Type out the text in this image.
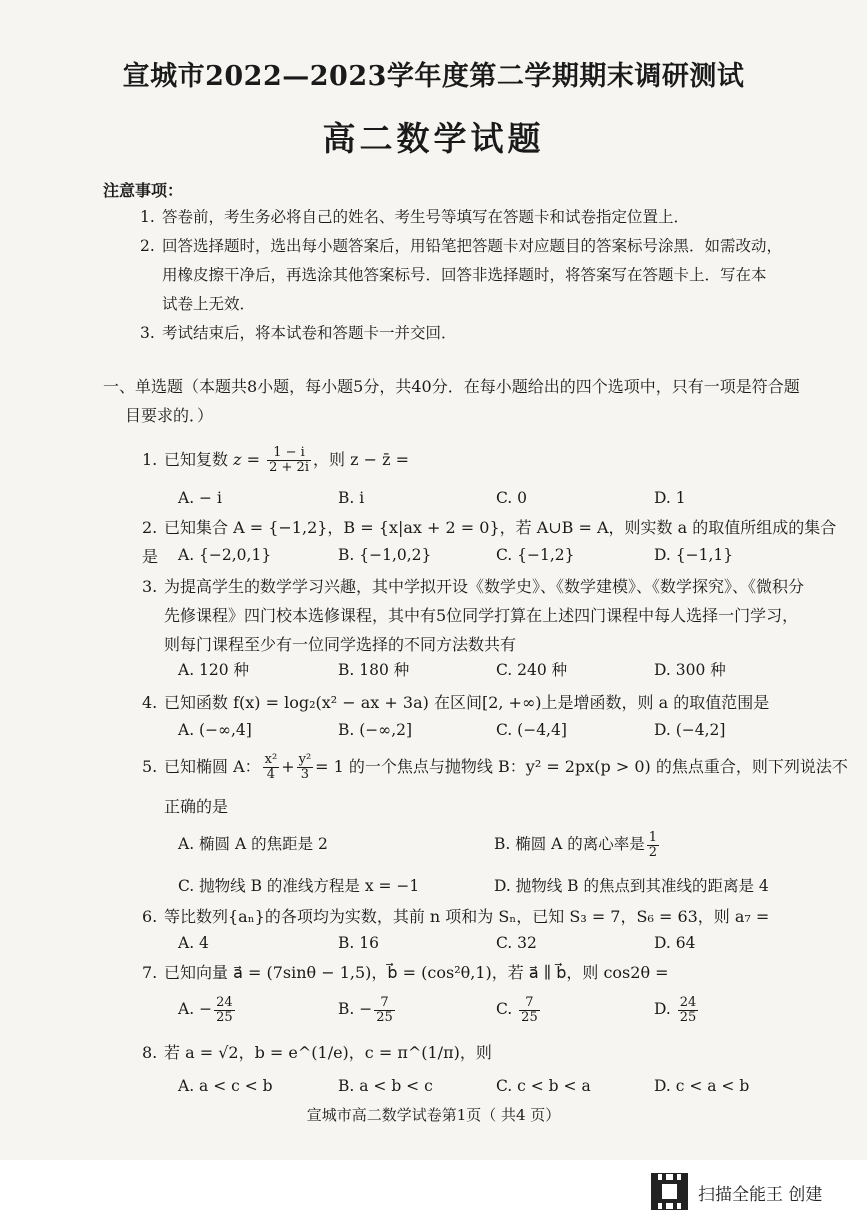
宣城市2022—2023学年度第二学期期末调研测试
高二数学试题
注意事项：
1. 答卷前，考生务必将自己的姓名、考生号等填写在答题卡和试卷指定位置上．
2. 回答选择题时，选出每小题答案后，用铅笔把答题卡对应题目的答案标号涂黑．如需改动，
用橡皮擦干净后，再选涂其他答案标号．回答非选择题时，将答案写在答题卡上．写在本
试卷上无效．
3. 考试结束后，将本试卷和答题卡一并交回．
一、单选题（本题共8小题，每小题5分，共40分．在每小题给出的四个选项中，只有一项是符合题
目要求的．）
1. 已知复数 $z = \frac{1 - i}{2 + 2i}$ ，则 z − z̄ =
A. − i	B. i	C. 0	D. 1
2. 已知集合 A = {−1,2}，B = {x|ax + 2 = 0}，若 A∪B = A，则实数 a 的取值所组成的集合是	A. {−2,0,1}	B. {−1,0,2}	C. {−1,2}	D. {−1,1}
3. 为提高学生的数学学习兴趣，其中学拟开设《数学史》、《数学建模》、《数学探究》、《微积分
先修课程》四门校本选修课程，其中有5位同学打算在上述四门课程中每人选择一门学习，
则每门课程至少有一位同学选择的不同方法数共有
A. 120 种	B. 180 种	C. 240 种	D. 300 种
4. 已知函数 f(x) = log₂(x² − ax + 3a) 在区间[2, +∞)上是增函数，则 a 的取值范围是
A. (−∞,4]	B. (−∞,2]	C. (−4,4]	D. (−4,2]
5. 已知椭圆 A： $\frac{\text{x²}}{4} + \frac{\text{y²}}{3} = 1$ 的一个焦点与抛物线 B：y² = 2px(p > 0) 的焦点重合，则下列说法不
正确的是
A. 椭圆 A 的焦距是 2	B. 椭圆 A 的离心率是 $\frac{1}{2}$
C. 抛物线 B 的准线方程是 x = −1	D. 抛物线 B 的焦点到其准线的距离是 4
6. 等比数列{aₙ}的各项均为实数，其前 n 项和为 Sₙ，已知 S₃ = 7，S₆ = 63，则 a₇ =
A. 4	B. 16	C. 32	D. 64
7. 已知向量 a⃗ = (7sinθ − 1,5)，b⃗ = (cos²θ,1)，若 a⃗ ∥ b⃗，则 cos2θ =
A. − $\frac{24}{25}$	B. − $\frac{7}{25}$	C. $\frac{7}{25}$	D. $\frac{24}{25}$
8. 若 a = √2，b = e^(1/e)，c = π^(1/π)，则
A. a < c < b	B. a < b < c	C. c < b < a	D. c < a < b
宣城市高二数学试卷第1页（ 共4 页）
扫描全能王 创建
